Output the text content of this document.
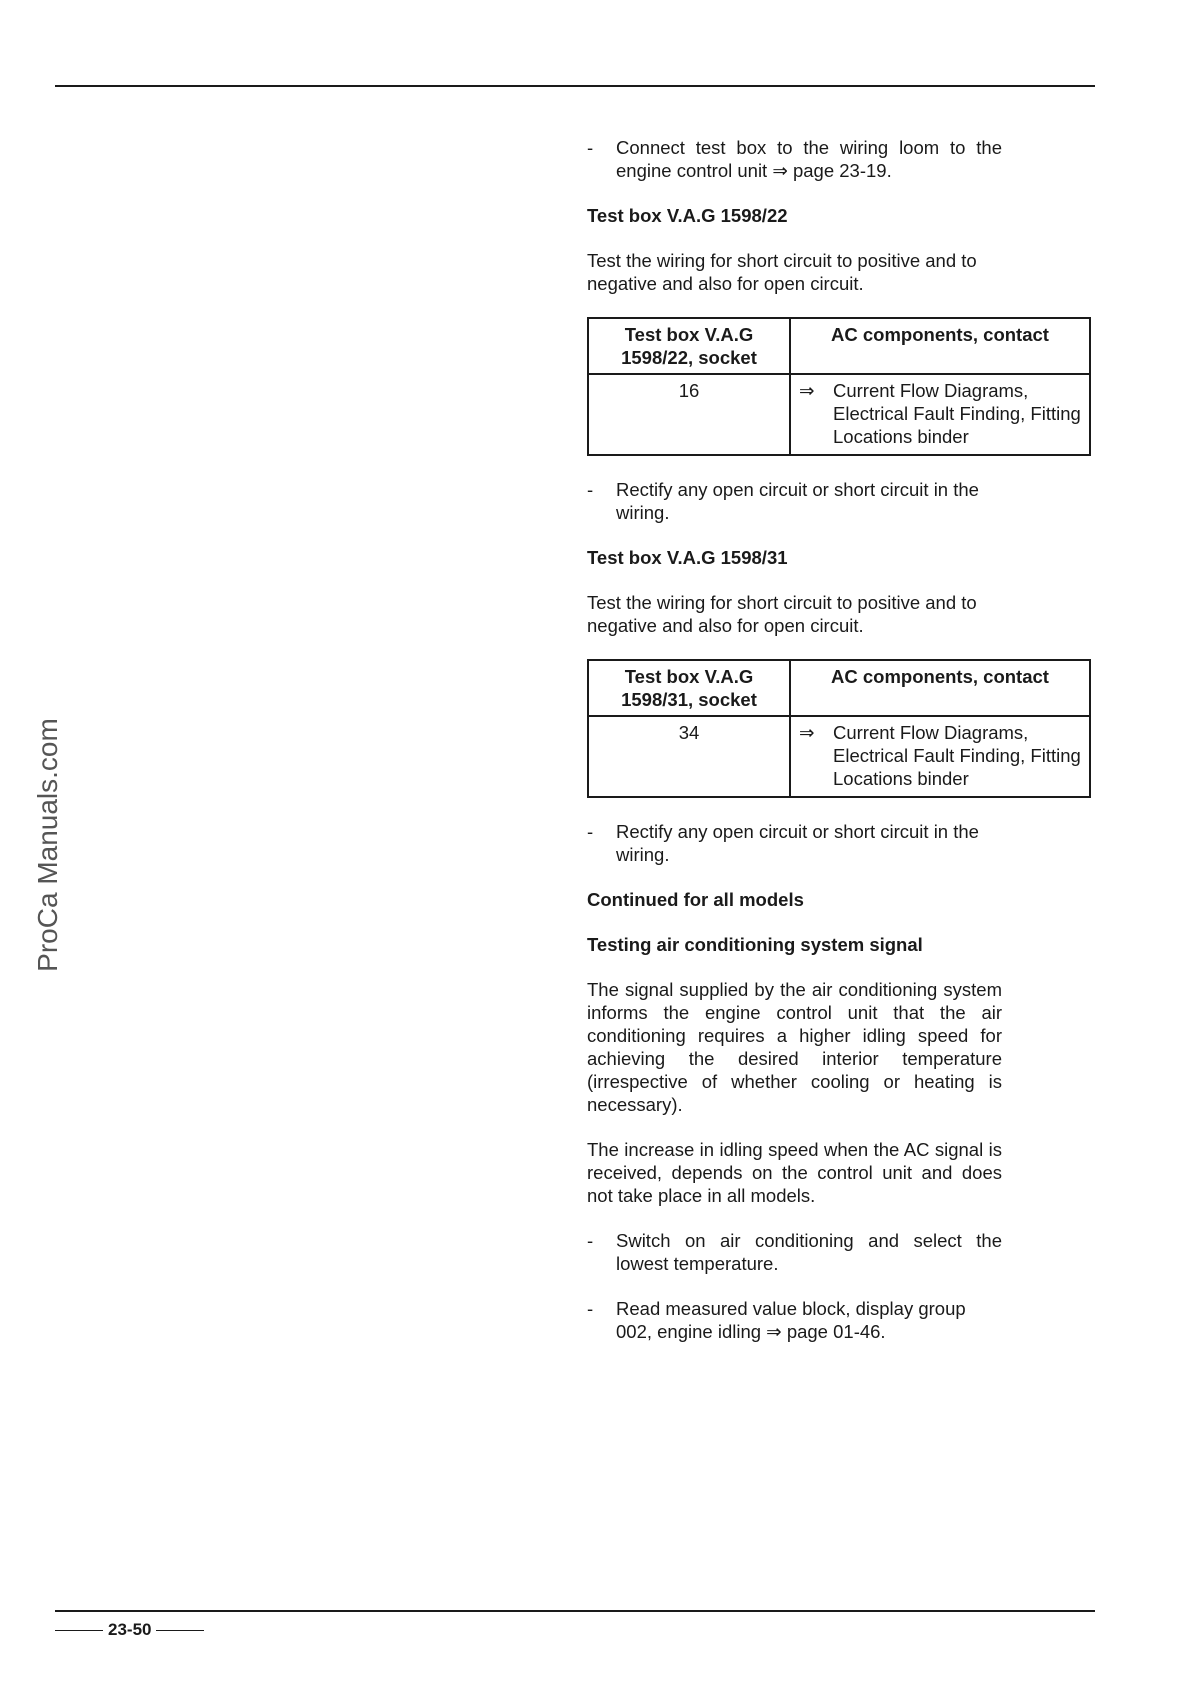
ProCa Manuals.com
-	Connect test box to the wiring loom to the engine control unit ⇒ page 23-19.

Test box V.A.G 1598/22

Test the wiring for short circuit to positive and to negative and also for open circuit.

Test box V.A.G 1598/22, socket	AC components, contact
16	⇒ Current Flow Diagrams, Electrical Fault Finding, Fitting Locations binder
-	Rectify any open circuit or short circuit in the wiring.

Test box V.A.G 1598/31

Test the wiring for short circuit to positive and to negative and also for open circuit.

Test box V.A.G 1598/31, socket	AC components, contact
34	⇒ Current Flow Diagrams, Electrical Fault Finding, Fitting Locations binder
-	Rectify any open circuit or short circuit in the wiring.

Continued for all models

Testing air conditioning system signal

The signal supplied by the air conditioning system informs the engine control unit that the air conditioning requires a higher idling speed for achieving the desired interior temperature (irrespective of whether cooling or heating is necessary).

The increase in idling speed when the AC signal is received, depends on the control unit and does not take place in all models.

-	Switch on air conditioning and select the lowest temperature.
-	Read measured value block, display group 002, engine idling ⇒ page 01-46.
23-50
